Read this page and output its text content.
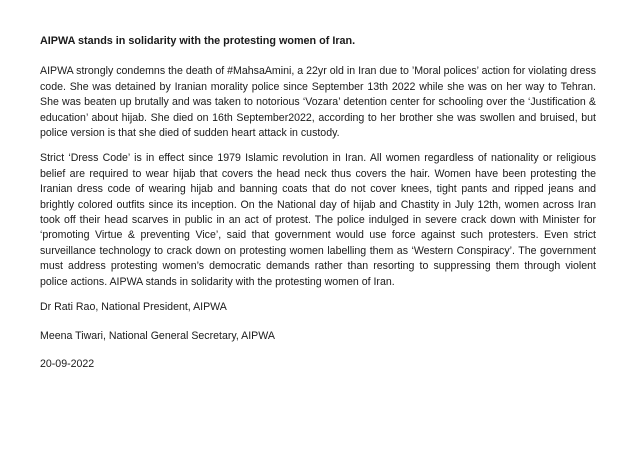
AIPWA stands in solidarity with the protesting women of Iran.

AIPWA strongly condemns the death of #MahsaAmini, a 22yr old in Iran due to ’Moral polices’ action for violating dress code. She was detained by Iranian morality police since September 13th 2022 while she was on her way to Tehran. She was beaten up brutally and was taken to notorious ‘Vozara’ detention center for schooling over the ‘Justification & education’ about hijab. She died on 16th September2022, according to her brother she was swollen and bruised, but police version is that she died of sudden heart attack in custody.

Strict ‘Dress Code’ is in effect since 1979 Islamic revolution in Iran. All women regardless of nationality or religious belief are required to wear hijab that covers the head neck thus covers the hair. Women have been protesting the Iranian dress code of wearing hijab and banning coats that do not cover knees, tight pants and ripped jeans and brightly colored outfits since its inception. On the National day of hijab and Chastity in July 12th, women across Iran took off their head scarves in public in an act of protest. The police indulged in severe crack down with Minister for ‘promoting Virtue & preventing Vice’, said that government would use force against such protesters. Even strict surveillance technology to crack down on protesting women labelling them as ‘Western Conspiracy’. The government must address protesting women’s democratic demands rather than resorting to suppressing them through violent police actions. AIPWA stands in solidarity with the protesting women of Iran.

Dr Rati Rao, National President, AIPWA

Meena Tiwari, National General Secretary, AIPWA

20-09-2022
